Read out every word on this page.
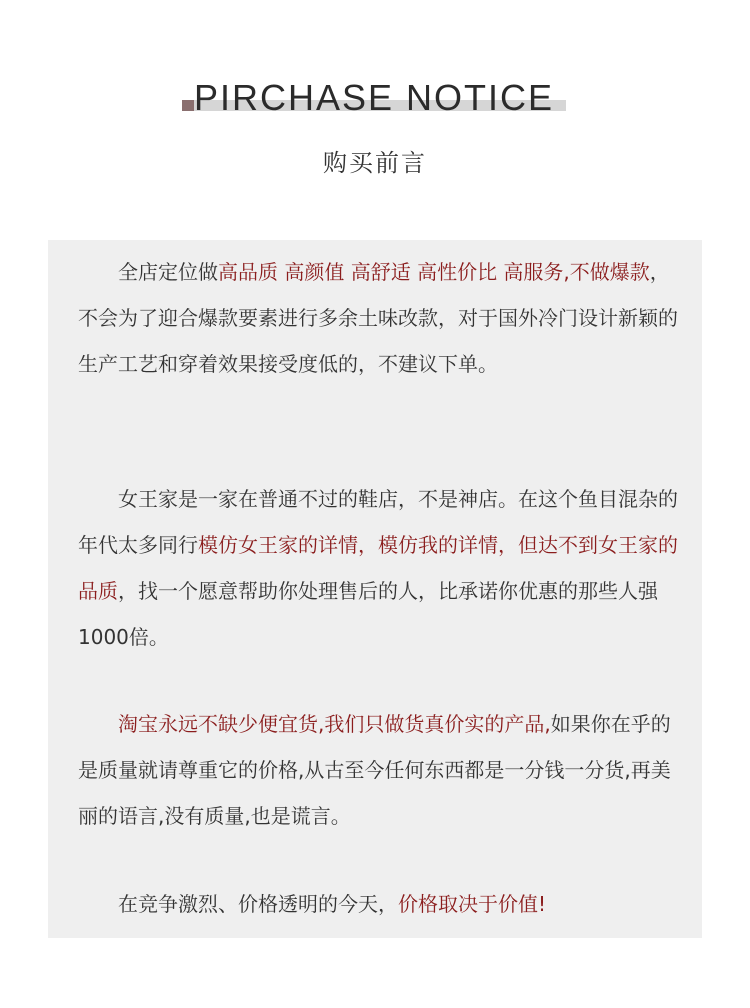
PIRCHASE NOTICE
购买前言

全店定位做高品质 高颜值 高舒适 高性价比 高服务,不做爆款，不会为了迎合爆款要素进行多余土味改款，对于国外冷门设计新颖的生产工艺和穿着效果接受度低的，不建议下单。

女王家是一家在普通不过的鞋店，不是神店。在这个鱼目混杂的年代太多同行模仿女王家的详情，模仿我的详情，但达不到女王家的品质，找一个愿意帮助你处理售后的人，比承诺你优惠的那些人强1000倍。

淘宝永远不缺少便宜货,我们只做货真价实的产品,如果你在乎的是质量就请尊重它的价格,从古至今任何东西都是一分钱一分货,再美丽的语言,没有质量,也是谎言。

在竞争激烈、价格透明的今天，价格取决于价值!
